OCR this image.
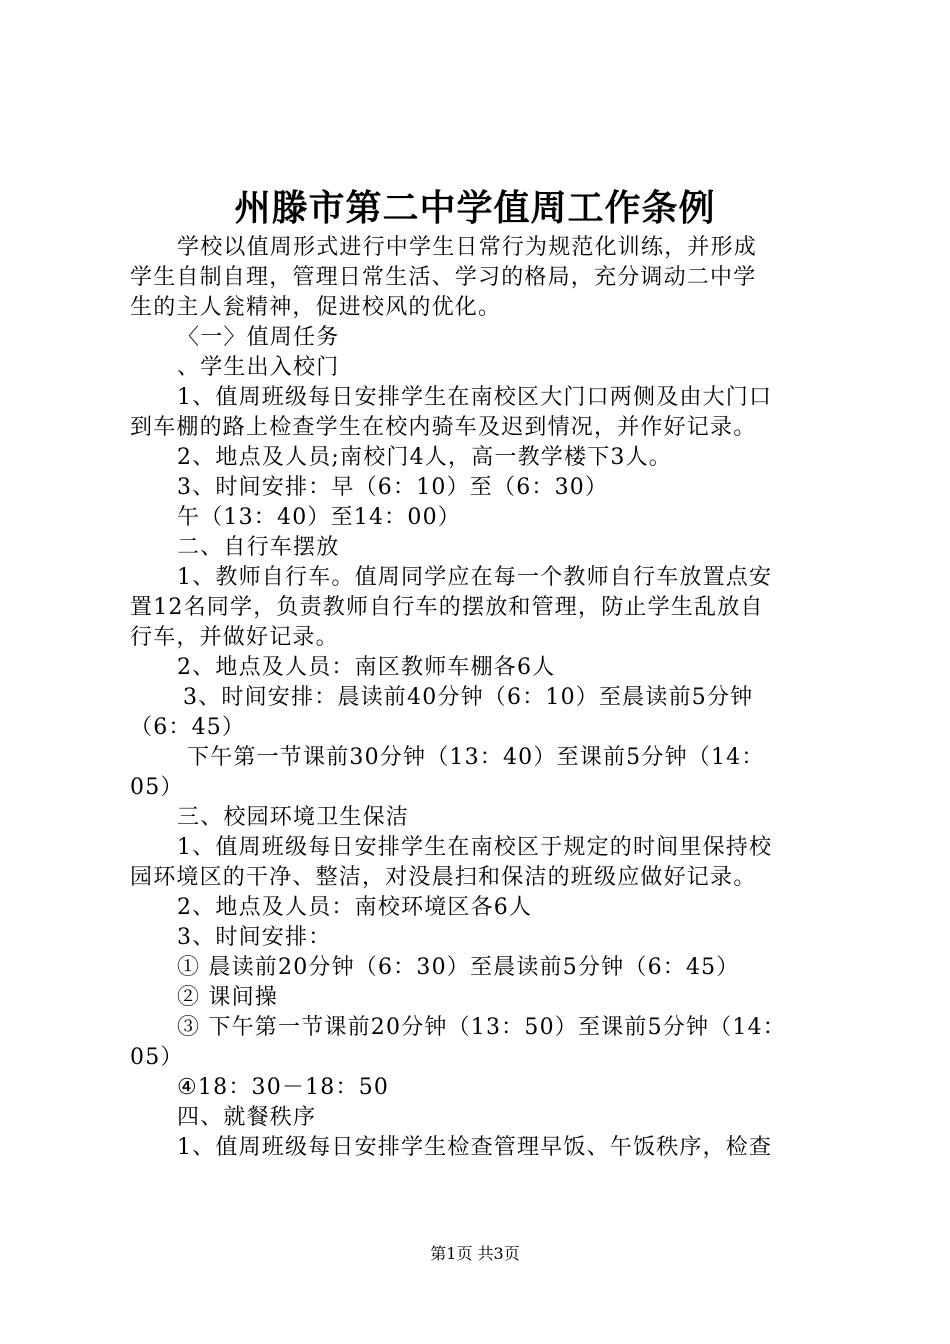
州滕市第二中学值周工作条例
学校以值周形式进行中学生日常行为规范化训练，并形成
学生自制自理，管理日常生活、学习的格局，充分调动二中学
生的主人瓮精神，促进校风的优化。
〈一〉值周任务
、学生出入校门
1、值周班级每日安排学生在南校区大门口两侧及由大门口
到车棚的路上检查学生在校内骑车及迟到情况，并作好记录。
2、地点及人员;南校门4人，高一教学楼下3人。
3、时间安排：早（6：10）至（6：30）
午（13：40）至14：00）
二、自行车摆放
1、教师自行车。值周同学应在每一个教师自行车放置点安
置12名同学，负责教师自行车的摆放和管理，防止学生乱放自
行车，并做好记录。
2、地点及人员：南区教师车棚各6人
3、时间安排：晨读前40分钟（6：10）至晨读前5分钟
（6：45）
下午第一节课前30分钟（13：40）至课前5分钟（14：
05）
三、校园环境卫生保洁
1、值周班级每日安排学生在南校区于规定的时间里保持校
园环境区的干净、整洁，对没晨扫和保洁的班级应做好记录。
2、地点及人员：南校环境区各6人
3、时间安排：
① 晨读前20分钟（6：30）至晨读前5分钟（6：45）
② 课间操
③ 下午第一节课前20分钟（13：50）至课前5分钟（14：
05）
④18：30－18：50
四、就餐秩序
1、值周班级每日安排学生检查管理早饭、午饭秩序，检查
第1页 共3页
